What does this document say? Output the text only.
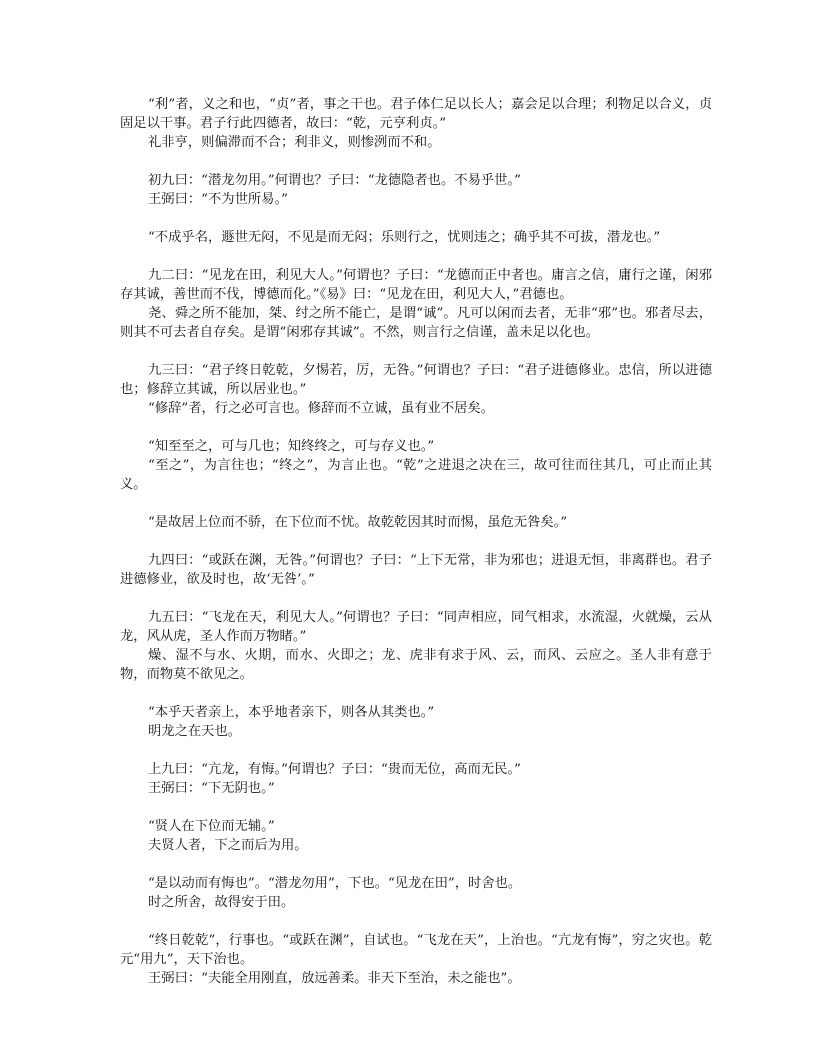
“利”者，义之和也，“贞”者，事之干也。君子体仁足以长人；嘉会足以合理；利物足以合义，贞固足以干事。君子行此四德者，故曰：“乾，元亨利贞。”

礼非亨，则偏滞而不合；利非义，则惨洌而不和。

初九曰：“潜龙勿用。”何谓也？子曰：“龙德隐者也。不易乎世。”

王弼曰：“不为世所易。”

“不成乎名，遯世无闷，不见是而无闷；乐则行之，忧则违之；确乎其不可拔，潜龙也。”

九二曰：“见龙在田，利见大人。”何谓也？子曰：“龙德而正中者也。庸言之信，庸行之谨，闲邪存其诚，善世而不伐，博德而化。”《易》曰：“见龙在田，利见大人，”君德也。

尧、舜之所不能加，桀、纣之所不能亡，是谓“诚”。凡可以闲而去者，无非“邪”也。邪者尽去，则其不可去者自存矣。是谓“闲邪存其诚”。不然，则言行之信谨，盖未足以化也。

九三曰：“君子终日乾乾，夕惕若，厉，无咎。”何谓也？子曰：“君子进德修业。忠信，所以进德也；修辞立其诚，所以居业也。”

“修辞”者，行之必可言也。修辞而不立诚，虽有业不居矣。

“知至至之，可与几也；知终终之，可与存义也。”

“至之”，为言往也；“终之”，为言止也。“乾”之进退之决在三，故可往而往其几，可止而止其义。

“是故居上位而不骄，在下位而不忧。故乾乾因其时而惕，虽危无咎矣。”

九四曰：“或跃在渊，无咎。”何谓也？子曰：“上下无常，非为邪也；进退无恒，非离群也。君子进德修业，欲及时也，故‘无咎’。”

九五曰：“飞龙在天，利见大人。”何谓也？子曰：“同声相应，同气相求，水流湿，火就燥，云从龙，风从虎，圣人作而万物睹。”

燥、湿不与水、火期，而水、火即之；龙、虎非有求于风、云，而风、云应之。圣人非有意于物，而物莫不欲见之。

“本乎天者亲上，本乎地者亲下，则各从其类也。”

明龙之在天也。

上九曰：“亢龙，有悔。”何谓也？子曰：“贵而无位，高而无民。”

王弼曰：“下无阴也。”

“贤人在下位而无辅。”

夫贤人者，下之而后为用。

“是以动而有悔也”。“潜龙勿用”，下也。“见龙在田”，时舍也。

时之所舍，故得安于田。

“终日乾乾”，行事也。“或跃在渊”，自试也。“飞龙在天”，上治也。“亢龙有悔”，穷之灾也。乾元“用九”，天下治也。

王弼曰：“夫能全用刚直，放远善柔。非天下至治，未之能也”。
